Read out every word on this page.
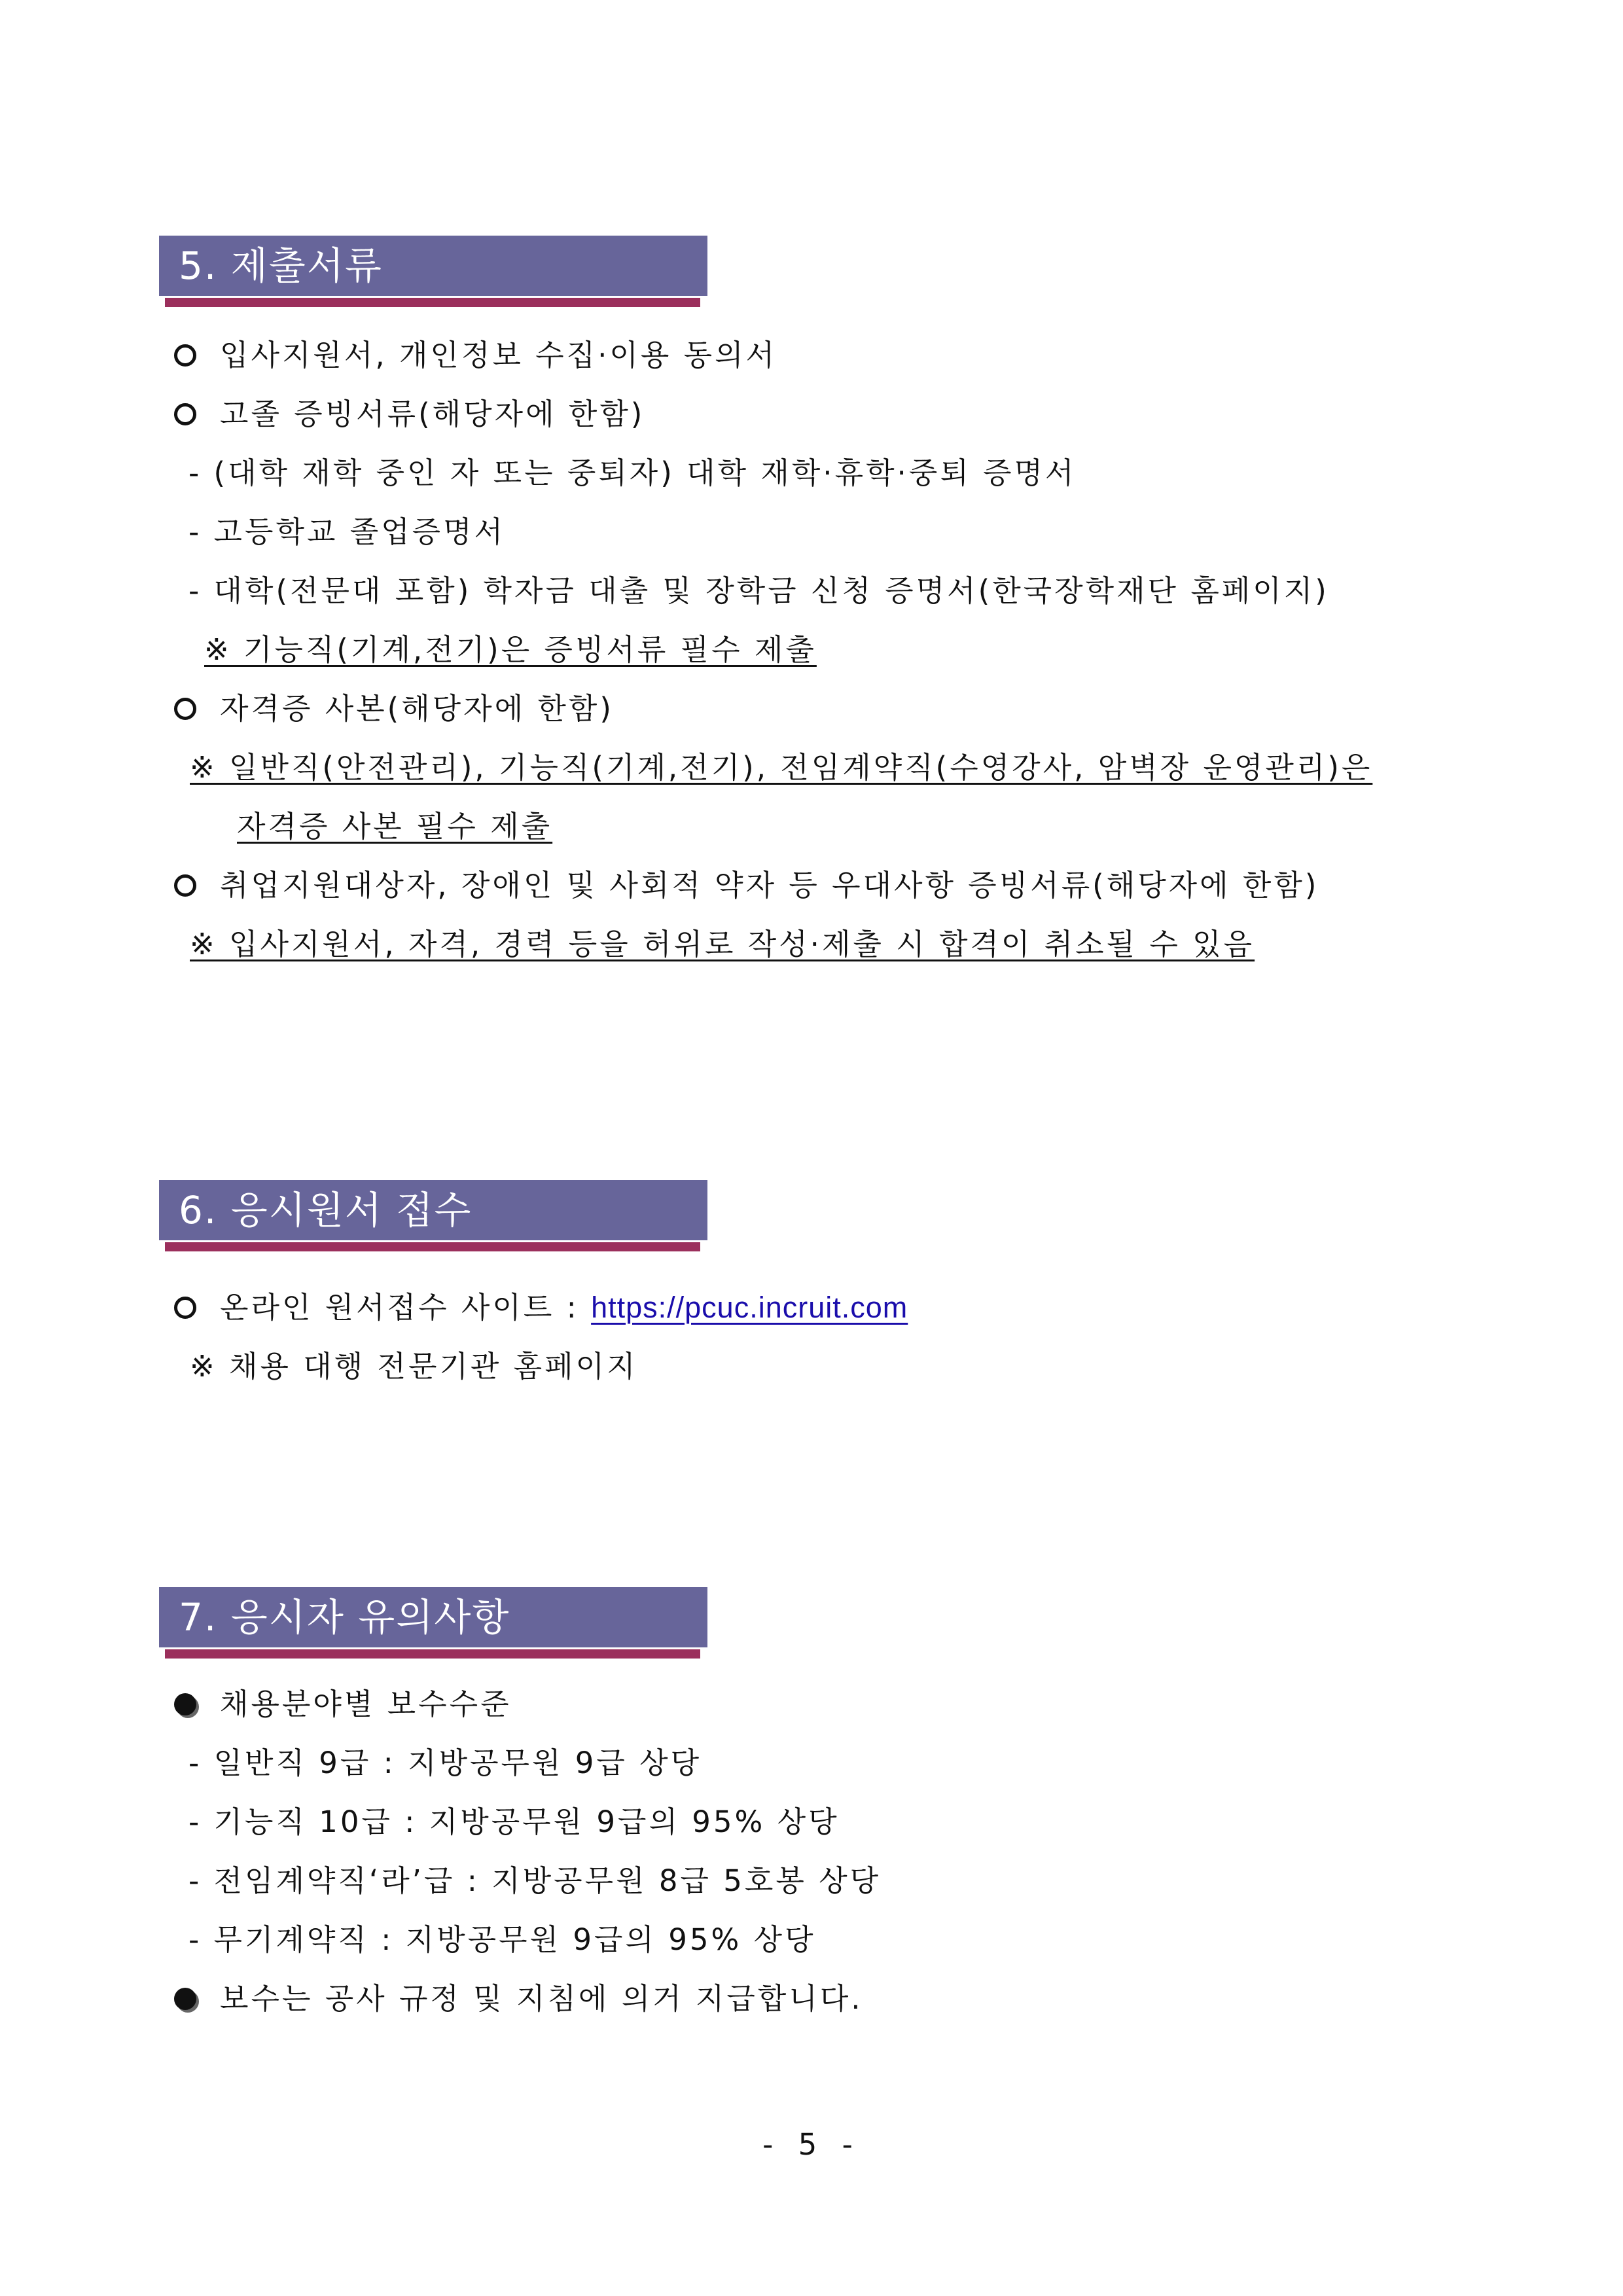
5. 제출서류
입사지원서, 개인정보 수집·이용 동의서
고졸 증빙서류(해당자에 한함)
- (대학 재학 중인 자 또는 중퇴자) 대학 재학·휴학·중퇴 증명서
- 고등학교 졸업증명서
- 대학(전문대 포함) 학자금 대출 및 장학금 신청 증명서(한국장학재단 홈페이지)
※ 기능직(기계,전기)은 증빙서류 필수 제출
자격증 사본(해당자에 한함)
※ 일반직(안전관리), 기능직(기계,전기), 전임계약직(수영강사, 암벽장 운영관리)은
자격증 사본 필수 제출
취업지원대상자, 장애인 및 사회적 약자 등 우대사항 증빙서류(해당자에 한함)
※ 입사지원서, 자격, 경력 등을 허위로 작성·제출 시 합격이 취소될 수 있음
6. 응시원서 접수
온라인 원서접수 사이트 : https://pcuc.incruit.com
※ 채용 대행 전문기관 홈페이지
7. 응시자 유의사항
채용분야별 보수수준
- 일반직 9급 : 지방공무원 9급 상당
- 기능직 10급 : 지방공무원 9급의 95% 상당
- 전임계약직‘라’급 : 지방공무원 8급 5호봉 상당
- 무기계약직 : 지방공무원 9급의 95% 상당
보수는 공사 규정 및 지침에 의거 지급합니다.
- 5 -
